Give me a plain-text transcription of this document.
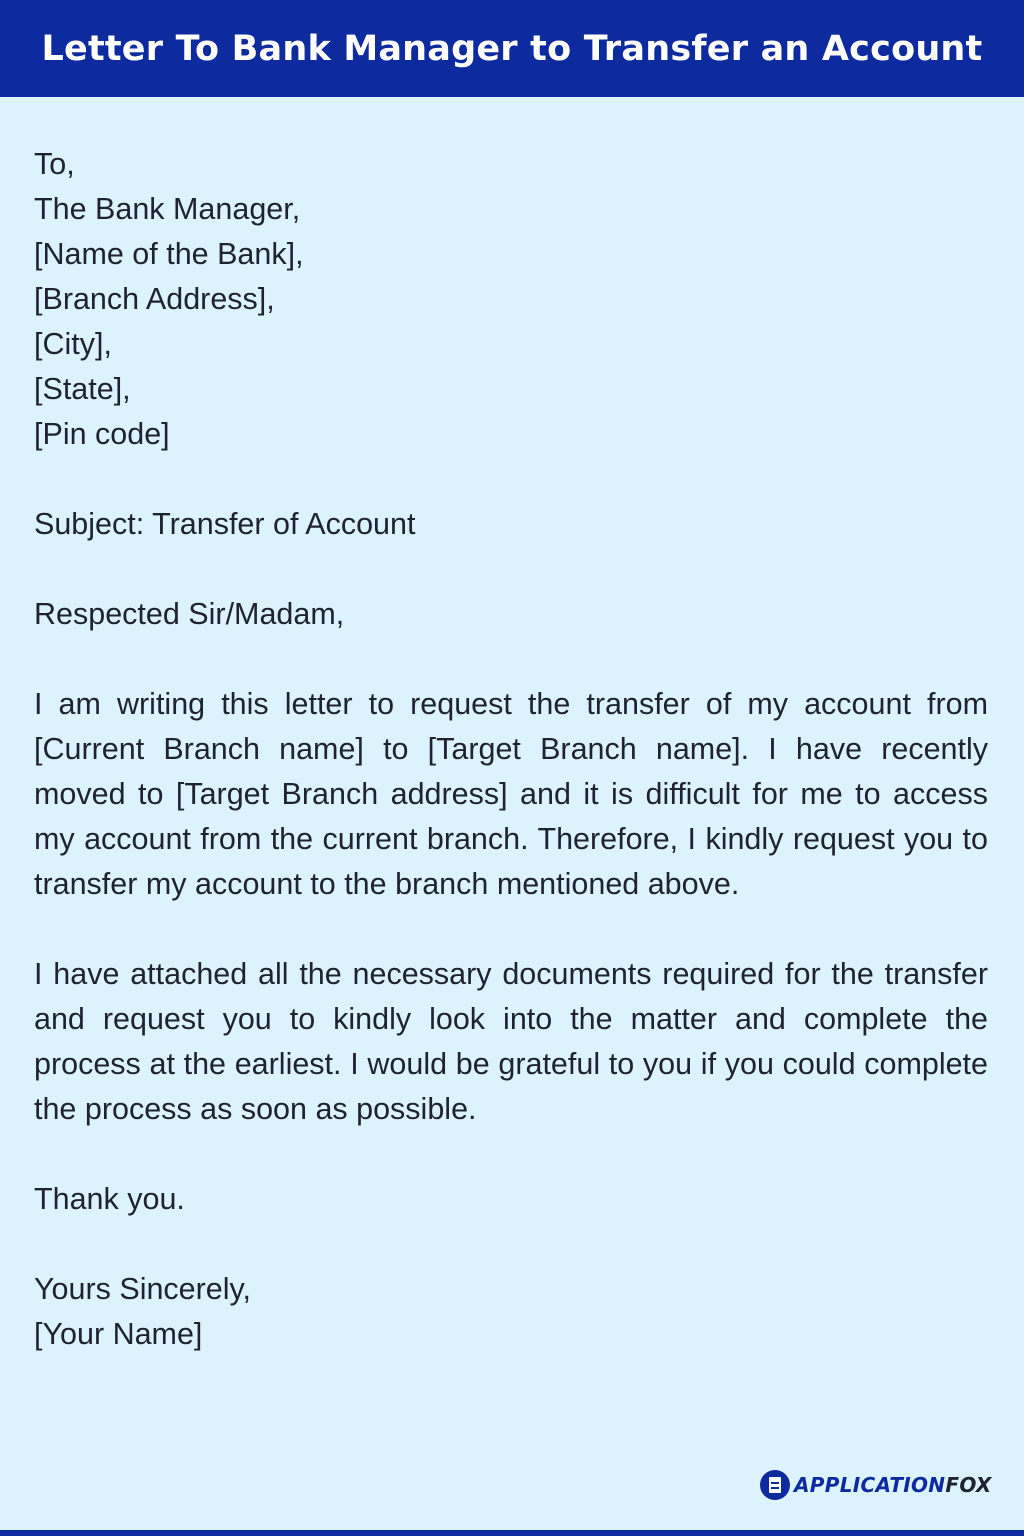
Letter To Bank Manager to Transfer an Account
To,
The Bank Manager,
[Name of the Bank],
[Branch Address],
[City],
[State],
[Pin code]
Subject: Transfer of Account
Respected Sir/Madam,
I am writing this letter to request the transfer of my account from [Current Branch name] to [Target Branch name]. I have recently moved to [Target Branch address] and it is difficult for me to access my account from the current branch. Therefore, I kindly request you to transfer my account to the branch mentioned above.
I have attached all the necessary documents required for the transfer and request you to kindly look into the matter and complete the process at the earliest. I would be grateful to you if you could complete the process as soon as possible.
Thank you.
Yours Sincerely,
[Your Name]
APPLICATIONFOX
